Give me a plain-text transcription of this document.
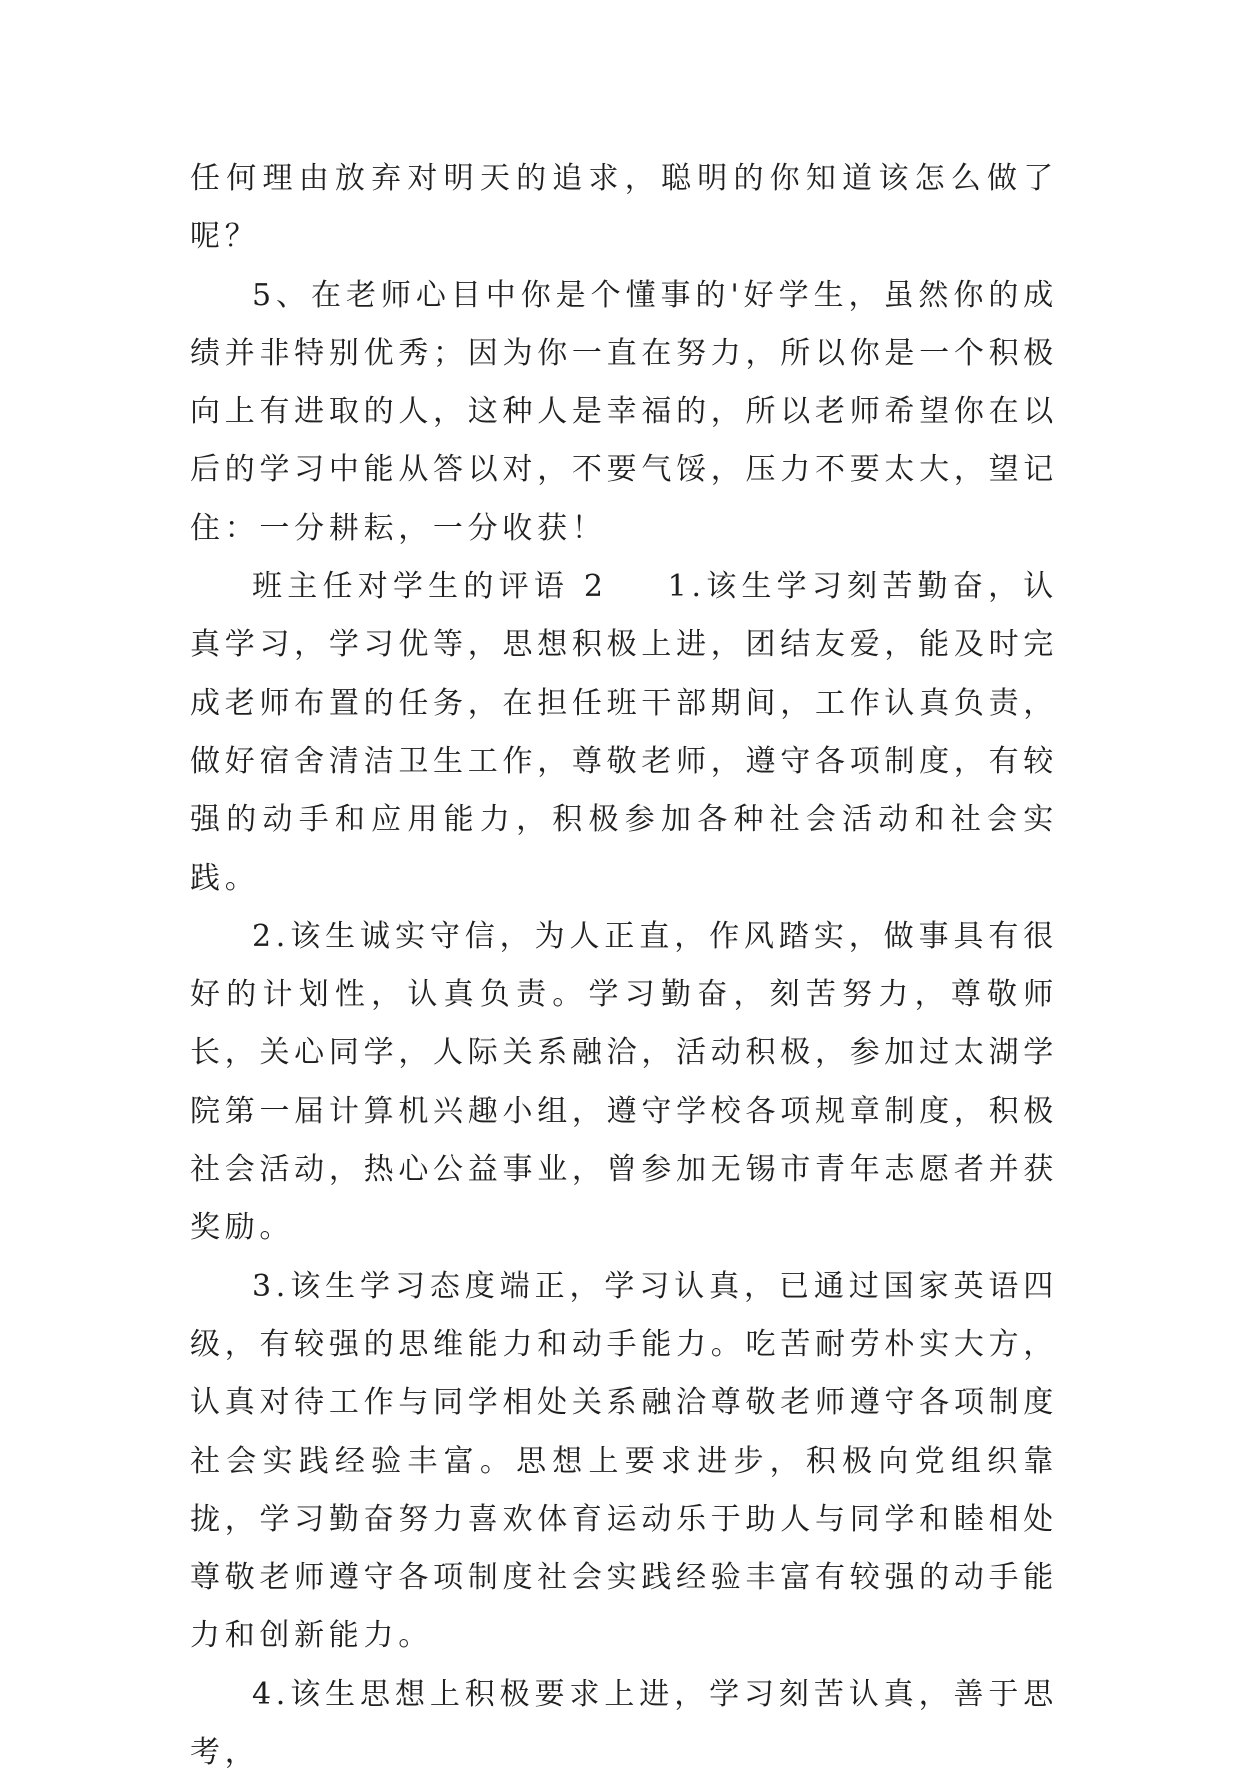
任何理由放弃对明天的追求，聪明的你知道该怎么做了呢？

5、在老师心目中你是个懂事的'好学生，虽然你的成绩并非特别优秀；因为你一直在努力，所以你是一个积极向上有进取的人，这种人是幸福的，所以老师希望你在以后的学习中能从答以对，不要气馁，压力不要太大，望记住：一分耕耘，一分收获！

班主任对学生的评语 2 1.该生学习刻苦勤奋，认真学习，学习优等，思想积极上进，团结友爱，能及时完成老师布置的任务，在担任班干部期间，工作认真负责，做好宿舍清洁卫生工作，尊敬老师，遵守各项制度，有较强的动手和应用能力，积极参加各种社会活动和社会实践。

2.该生诚实守信，为人正直，作风踏实，做事具有很好的计划性，认真负责。学习勤奋，刻苦努力，尊敬师长，关心同学，人际关系融洽，活动积极，参加过太湖学院第一届计算机兴趣小组，遵守学校各项规章制度，积极社会活动，热心公益事业，曾参加无锡市青年志愿者并获奖励。

3.该生学习态度端正，学习认真，已通过国家英语四级，有较强的思维能力和动手能力。吃苦耐劳朴实大方，认真对待工作与同学相处关系融洽尊敬老师遵守各项制度社会实践经验丰富。思想上要求进步，积极向党组织靠拢，学习勤奋努力喜欢体育运动乐于助人与同学和睦相处尊敬老师遵守各项制度社会实践经验丰富有较强的动手能力和创新能力。

4.该生思想上积极要求上进，学习刻苦认真，善于思考，
